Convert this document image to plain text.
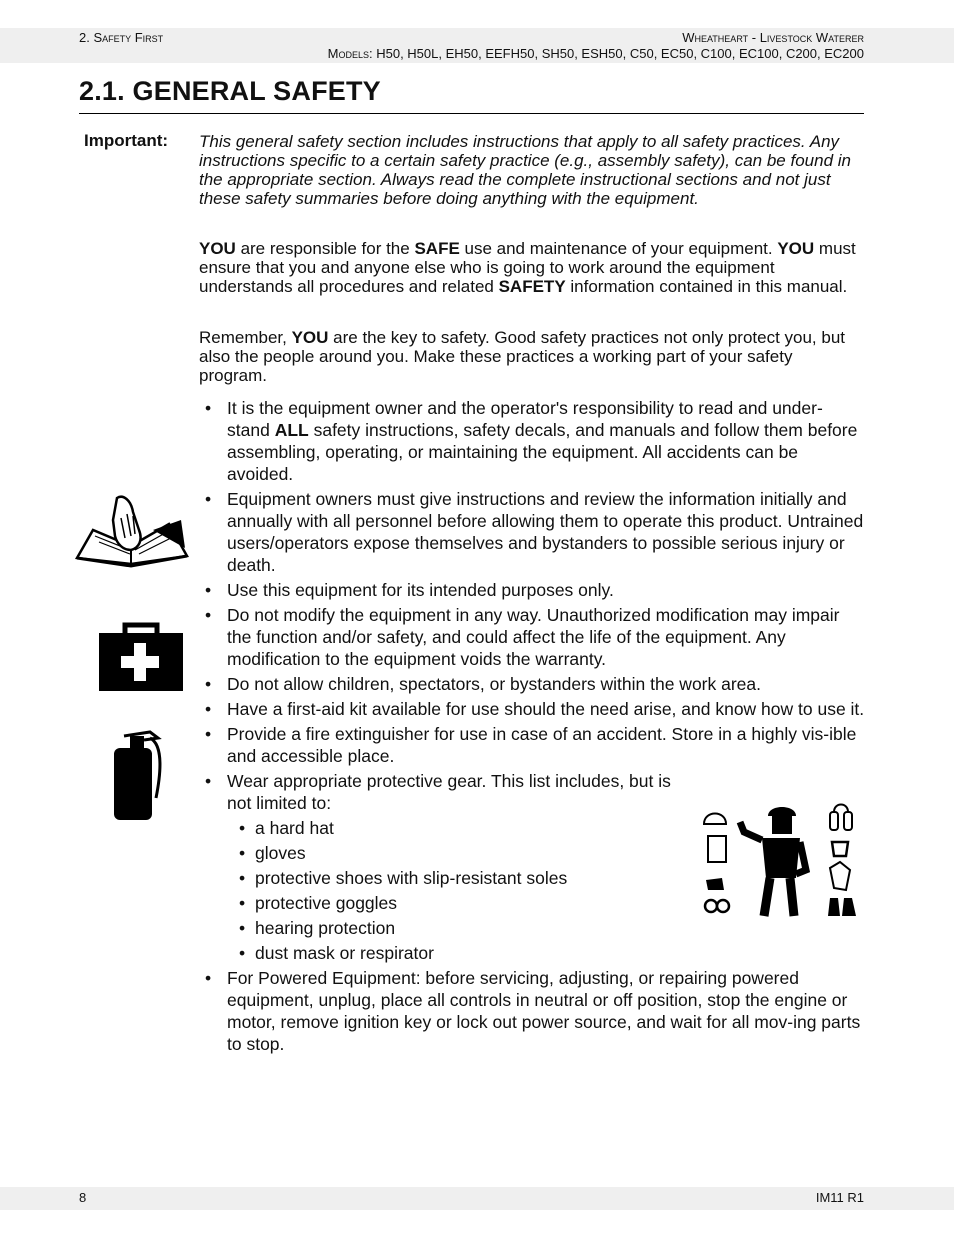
2. Safety First	Wheatheart - Livestock Waterer
Models: H50, H50L, EH50, EEFH50, SH50, ESH50, C50, EC50, C100, EC100, C200, EC200
2.1. GENERAL SAFETY
Important: This general safety section includes instructions that apply to all safety practices. Any instructions specific to a certain safety practice (e.g., assembly safety), can be found in the appropriate section. Always read the complete instructional sections and not just these safety summaries before doing anything with the equipment.
YOU are responsible for the SAFE use and maintenance of your equipment. YOU must ensure that you and anyone else who is going to work around the equipment understands all procedures and related SAFETY information contained in this manual.
Remember, YOU are the key to safety. Good safety practices not only protect you, but also the people around you. Make these practices a working part of your safety program.
• It is the equipment owner and the operator's responsibility to read and under-stand ALL safety instructions, safety decals, and manuals and follow them before assembling, operating, or maintaining the equipment. All accidents can be avoided.
• Equipment owners must give instructions and review the information initially and annually with all personnel before allowing them to operate this product. Untrained users/operators expose themselves and bystanders to possible serious injury or death.
• Use this equipment for its intended purposes only.
• Do not modify the equipment in any way. Unauthorized modification may impair the function and/or safety, and could affect the life of the equipment. Any modification to the equipment voids the warranty.
• Do not allow children, spectators, or bystanders within the work area.
• Have a first-aid kit available for use should the need arise, and know how to use it.
• Provide a fire extinguisher for use in case of an accident. Store in a highly vis-ible and accessible place.
• Wear appropriate protective gear. This list includes, but is not limited to:
• a hard hat
• gloves
• protective shoes with slip-resistant soles
• protective goggles
• hearing protection
• dust mask or respirator
• For Powered Equipment: before servicing, adjusting, or repairing powered equipment, unplug, place all controls in neutral or off position, stop the engine or motor, remove ignition key or lock out power source, and wait for all mov-ing parts to stop.
8	IM11 R1
